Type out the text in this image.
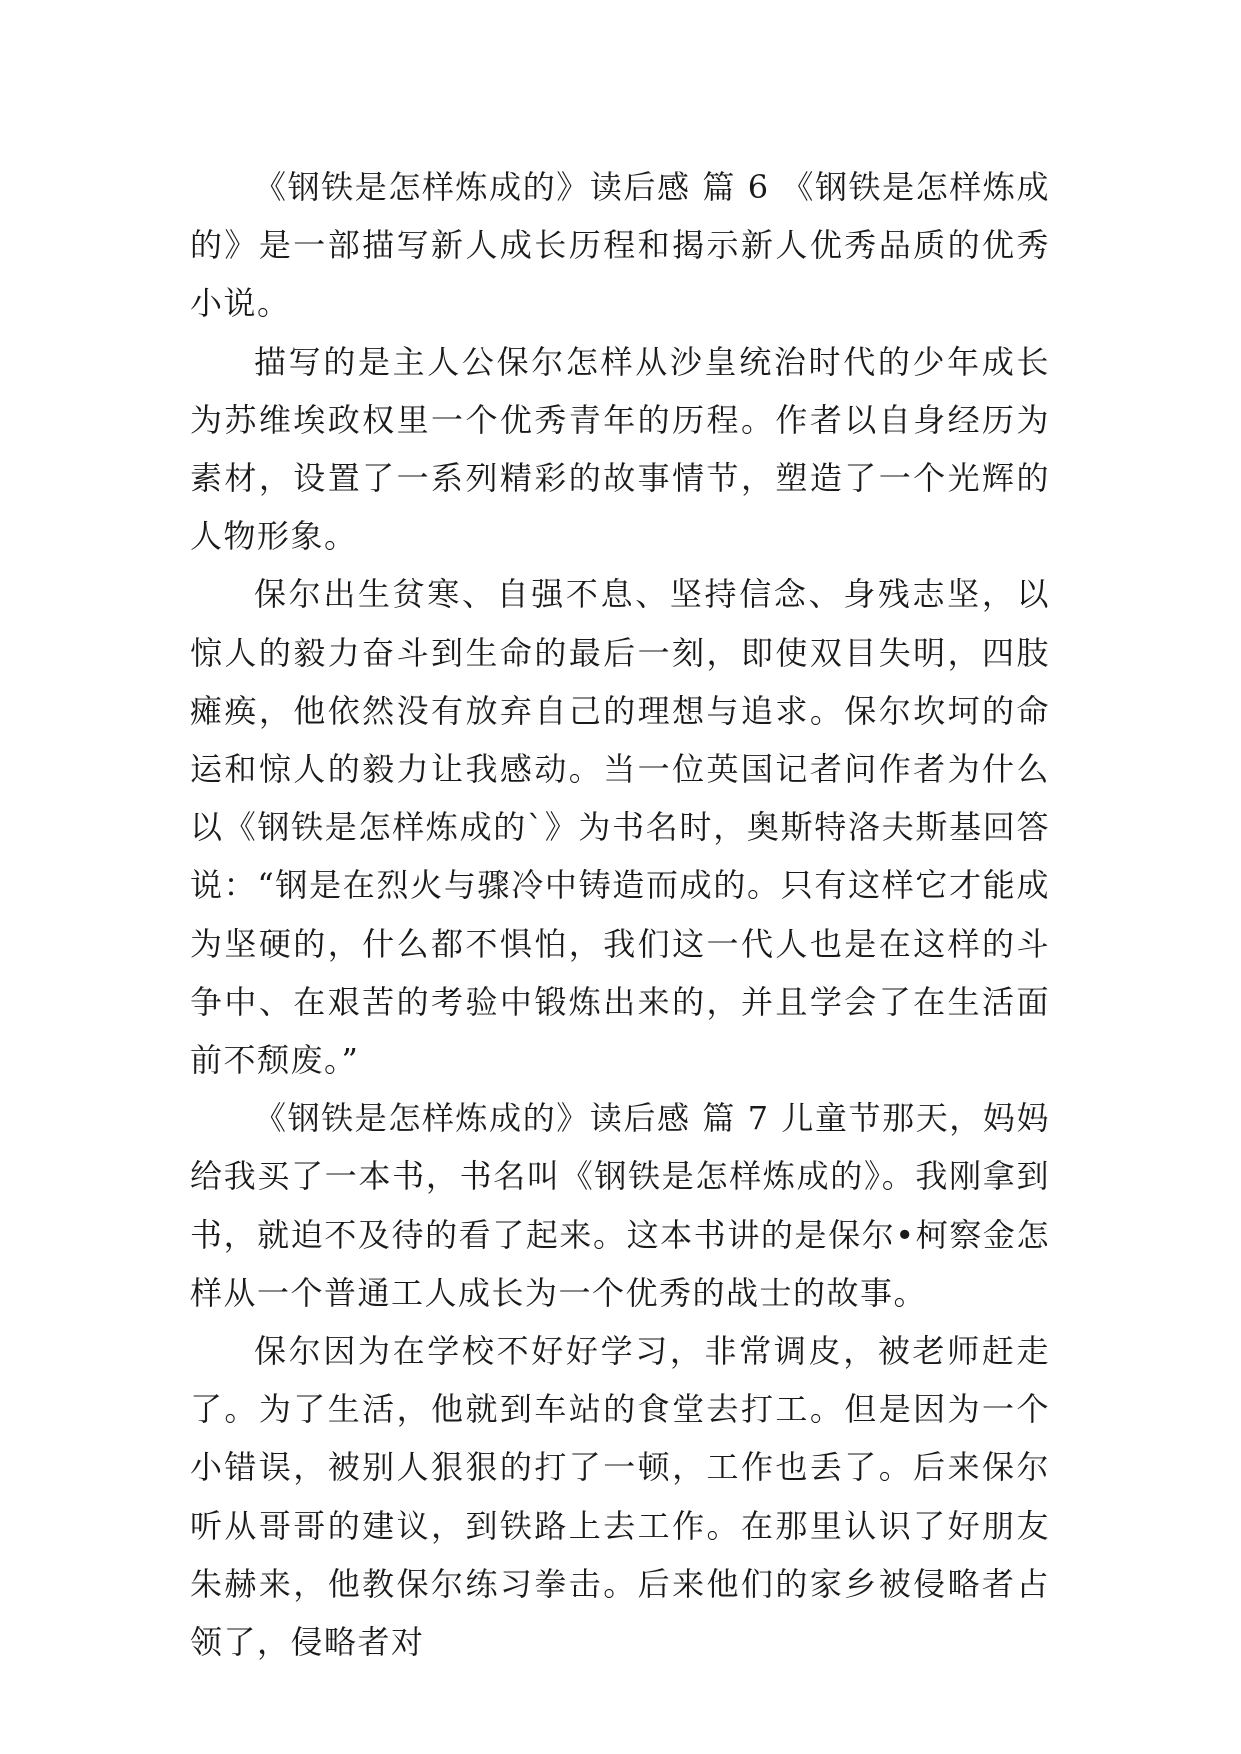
《钢铁是怎样炼成的》读后感 篇 6 《钢铁是怎样炼成的》是一部描写新人成长历程和揭示新人优秀品质的优秀小说。

描写的是主人公保尔怎样从沙皇统治时代的少年成长为苏维埃政权里一个优秀青年的历程。作者以自身经历为素材，设置了一系列精彩的故事情节，塑造了一个光辉的人物形象。

保尔出生贫寒、自强不息、坚持信念、身残志坚，以惊人的毅力奋斗到生命的最后一刻，即使双目失明，四肢瘫痪，他依然没有放弃自己的理想与追求。保尔坎坷的命运和惊人的毅力让我感动。当一位英国记者问作者为什么以《钢铁是怎样炼成的`》为书名时，奥斯特洛夫斯基回答说：“钢是在烈火与骤冷中铸造而成的。只有这样它才能成为坚硬的，什么都不惧怕，我们这一代人也是在这样的斗争中、在艰苦的考验中锻炼出来的，并且学会了在生活面前不颓废。”

《钢铁是怎样炼成的》读后感 篇 7 儿童节那天，妈妈给我买了一本书，书名叫《钢铁是怎样炼成的》。我刚拿到书，就迫不及待的看了起来。这本书讲的是保尔•柯察金怎样从一个普通工人成长为一个优秀的战士的故事。

保尔因为在学校不好好学习，非常调皮，被老师赶走了。为了生活，他就到车站的食堂去打工。但是因为一个小错误，被别人狠狠的打了一顿，工作也丢了。后来保尔听从哥哥的建议，到铁路上去工作。在那里认识了好朋友朱赫来，他教保尔练习拳击。后来他们的家乡被侵略者占领了，侵略者对
